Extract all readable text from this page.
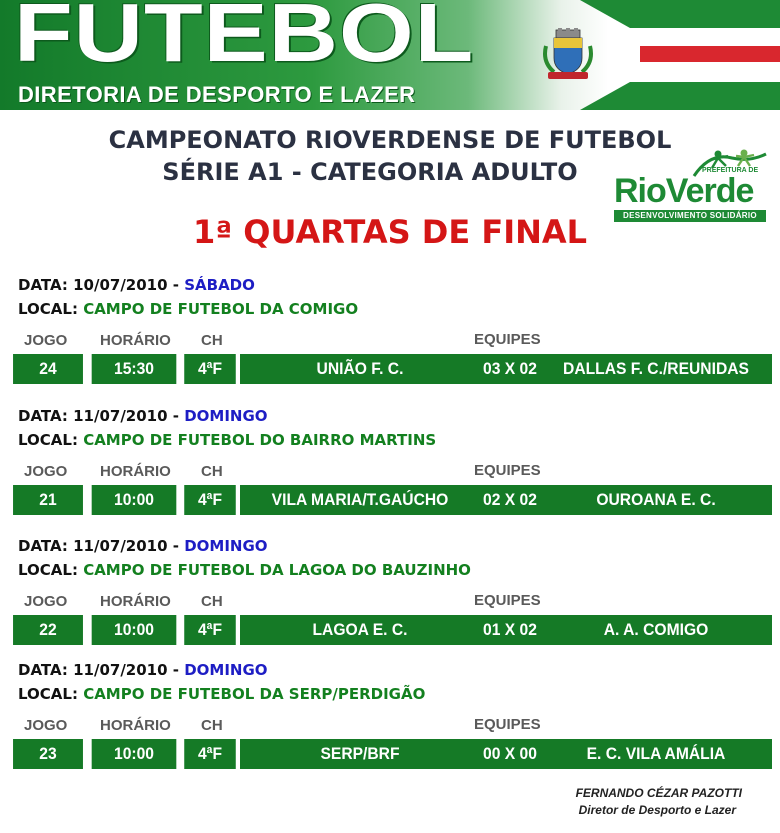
FUTEBOL
DIRETORIA DE DESPORTO E LAZER
CAMPEONATO RIOVERDENSE DE FUTEBOL
SÉRIE A1 - CATEGORIA ADULTO
1ª QUARTAS DE FINAL
PREFEITURA DE
RioVerde
DESENVOLVIMENTO SOLIDÁRIO
DATA: 10/07/2010 - SÁBADO
LOCAL: CAMPO DE FUTEBOL DA COMIGO
JOGO HORÁRIO CH	EQUIPES
24	15:30	4ªF	UNIÃO F. C.	03 X 02	DALLAS F. C./REUNIDAS
DATA: 11/07/2010 - DOMINGO
LOCAL: CAMPO DE FUTEBOL DO BAIRRO MARTINS
JOGO HORÁRIO CH	EQUIPES
21	10:00	4ªF	VILA MARIA/T.GAÚCHO	02 X 02	OUROANA E. C.
DATA: 11/07/2010 - DOMINGO
LOCAL: CAMPO DE FUTEBOL DA LAGOA DO BAUZINHO
JOGO HORÁRIO CH	EQUIPES
22	10:00	4ªF	LAGOA E. C.	01 X 02	A. A. COMIGO
DATA: 11/07/2010 - DOMINGO
LOCAL: CAMPO DE FUTEBOL DA SERP/PERDIGÃO
JOGO HORÁRIO CH	EQUIPES
23	10:00	4ªF	SERP/BRF	00 X 00	E. C. VILA AMÁLIA
FERNANDO CÉZAR PAZOTTI
Diretor de Desporto e Lazer
